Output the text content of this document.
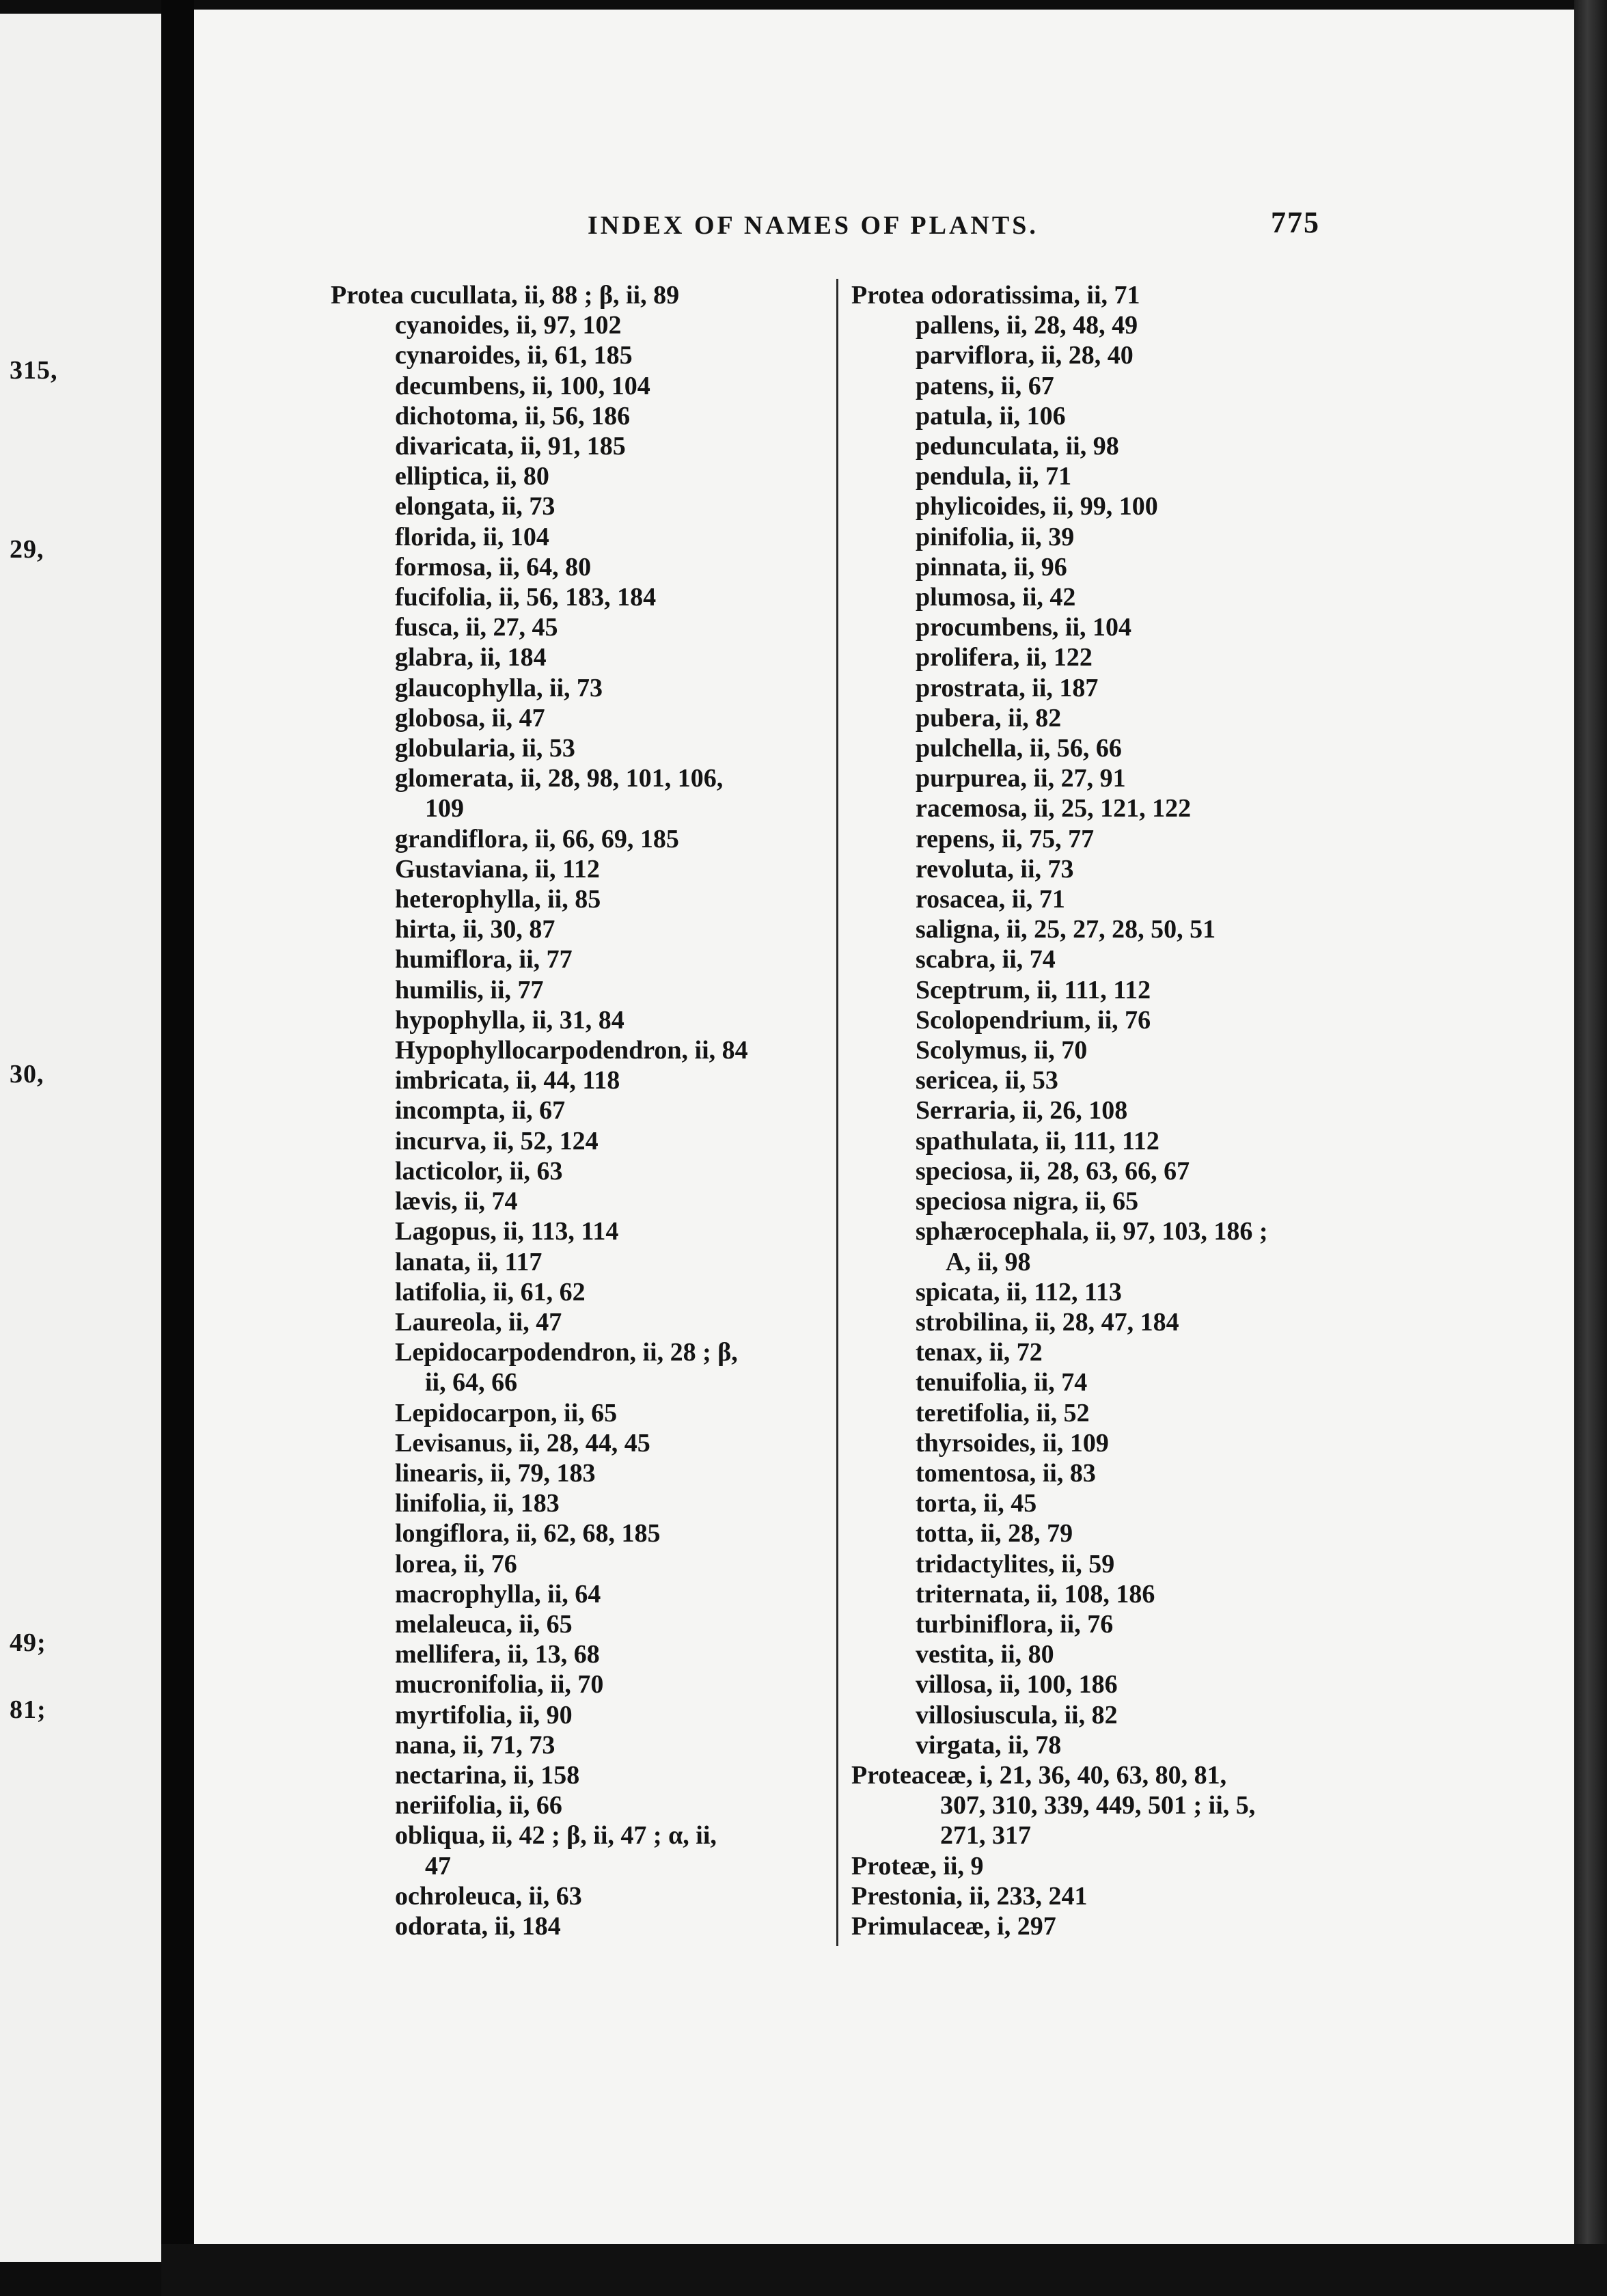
315,
29,
30,
49;
81;
INDEX OF NAMES OF PLANTS.	775
Protea cucullata, ii, 88 ; β, ii, 89
cyanoides, ii, 97, 102
cynaroides, ii, 61, 185
decumbens, ii, 100, 104
dichotoma, ii, 56, 186
divaricata, ii, 91, 185
elliptica, ii, 80
elongata, ii, 73
florida, ii, 104
formosa, ii, 64, 80
fucifolia, ii, 56, 183, 184
fusca, ii, 27, 45
glabra, ii, 184
glaucophylla, ii, 73
globosa, ii, 47
globularia, ii, 53
glomerata, ii, 28, 98, 101, 106,
109
grandiflora, ii, 66, 69, 185
Gustaviana, ii, 112
heterophylla, ii, 85
hirta, ii, 30, 87
humiflora, ii, 77
humilis, ii, 77
hypophylla, ii, 31, 84
Hypophyllocarpodendron, ii, 84
imbricata, ii, 44, 118
incompta, ii, 67
incurva, ii, 52, 124
lacticolor, ii, 63
lævis, ii, 74
Lagopus, ii, 113, 114
lanata, ii, 117
latifolia, ii, 61, 62
Laureola, ii, 47
Lepidocarpodendron, ii, 28 ; β,
ii, 64, 66
Lepidocarpon, ii, 65
Levisanus, ii, 28, 44, 45
linearis, ii, 79, 183
linifolia, ii, 183
longiflora, ii, 62, 68, 185
lorea, ii, 76
macrophylla, ii, 64
melaleuca, ii, 65
mellifera, ii, 13, 68
mucronifolia, ii, 70
myrtifolia, ii, 90
nana, ii, 71, 73
nectarina, ii, 158
neriifolia, ii, 66
obliqua, ii, 42 ; β, ii, 47 ; α, ii,
47
ochroleuca, ii, 63
odorata, ii, 184
Protea odoratissima, ii, 71
pallens, ii, 28, 48, 49
parviflora, ii, 28, 40
patens, ii, 67
patula, ii, 106
pedunculata, ii, 98
pendula, ii, 71
phylicoides, ii, 99, 100
pinifolia, ii, 39
pinnata, ii, 96
plumosa, ii, 42
procumbens, ii, 104
prolifera, ii, 122
prostrata, ii, 187
pubera, ii, 82
pulchella, ii, 56, 66
purpurea, ii, 27, 91
racemosa, ii, 25, 121, 122
repens, ii, 75, 77
revoluta, ii, 73
rosacea, ii, 71
saligna, ii, 25, 27, 28, 50, 51
scabra, ii, 74
Sceptrum, ii, 111, 112
Scolopendrium, ii, 76
Scolymus, ii, 70
sericea, ii, 53
Serraria, ii, 26, 108
spathulata, ii, 111, 112
speciosa, ii, 28, 63, 66, 67
speciosa nigra, ii, 65
sphærocephala, ii, 97, 103, 186 ;
A, ii, 98
spicata, ii, 112, 113
strobilina, ii, 28, 47, 184
tenax, ii, 72
tenuifolia, ii, 74
teretifolia, ii, 52
thyrsoides, ii, 109
tomentosa, ii, 83
torta, ii, 45
totta, ii, 28, 79
tridactylites, ii, 59
triternata, ii, 108, 186
turbiniflora, ii, 76
vestita, ii, 80
villosa, ii, 100, 186
villosiuscula, ii, 82
virgata, ii, 78
Proteaceæ, i, 21, 36, 40, 63, 80, 81,
307, 310, 339, 449, 501 ; ii, 5,
271, 317
Proteæ, ii, 9
Prestonia, ii, 233, 241
Primulaceæ, i, 297
